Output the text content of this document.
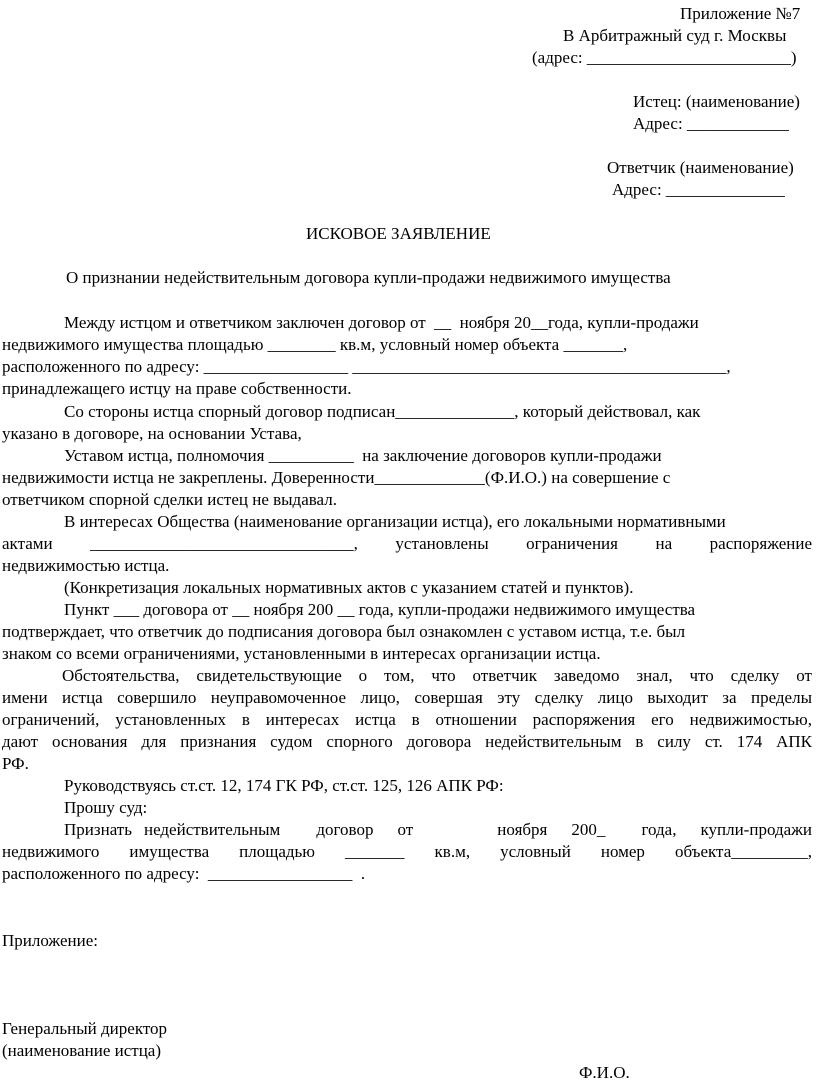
Приложение №7
В Арбитражный суд г. Москвы
(адрес: ________________________)
Истец: (наименование)
Адрес: ____________
Ответчик (наименование)
Адрес: ______________
ИСКОВОЕ ЗАЯВЛЕНИЕ
О признании недействительным договора купли-продажи недвижимого имущества
Между истцом и ответчиком заключен договор от  __  ноября 20__года, купли-продажи
недвижимого имущества площадью ________ кв.м, условный номер объекта _______,
расположенного по адресу: _________________ ____________________________________________,
принадлежащего истцу на праве собственности.
Со стороны истца спорный договор подписан______________, который действовал, как
указано в договоре, на основании Устава,
Уставом истца, полномочия __________  на заключение договоров купли-продажи
недвижимости истца не закреплены. Доверенности_____________(Ф.И.О.) на совершение с
ответчиком спорной сделки истец не выдавал.
В интересах Общества (наименование организации истца), его локальными нормативными
актами _______________________________, установлены ограничения на распоряжение
недвижимостью истца.
(Конкретизация локальных нормативных актов с указанием статей и пунктов).
Пункт ___ договора от __ ноября 200 __ года, купли-продажи недвижимого имущества
подтверждает, что ответчик до подписания договора был ознакомлен с уставом истца, т.е. был
знаком со всеми ограничениями, установленными в интересах организации истца.
Обстоятельства, свидетельствующие о том, что ответчик заведомо знал, что сделку от
имени истца совершило неуправомоченное лицо, совершая эту сделку лицо выходит за пределы
ограничений, установленных в интересах истца в отношении распоряжения его недвижимостью,
дают основания для признания судом спорного договора недействительным в силу ст. 174 АПК
РФ.
Руководствуясь ст.ст. 12, 174 ГК РФ, ст.ст. 125, 126 АПК РФ:
Прошу суд:
Признать недействительным   договор  от       ноября  200_   года,  купли-продажи
недвижимого имущества площадью _______ кв.м, условный номер объекта_________,
расположенного по адресу:  _________________  .
Приложение:
Генеральный директор
(наименование истца)
Ф.И.О.
